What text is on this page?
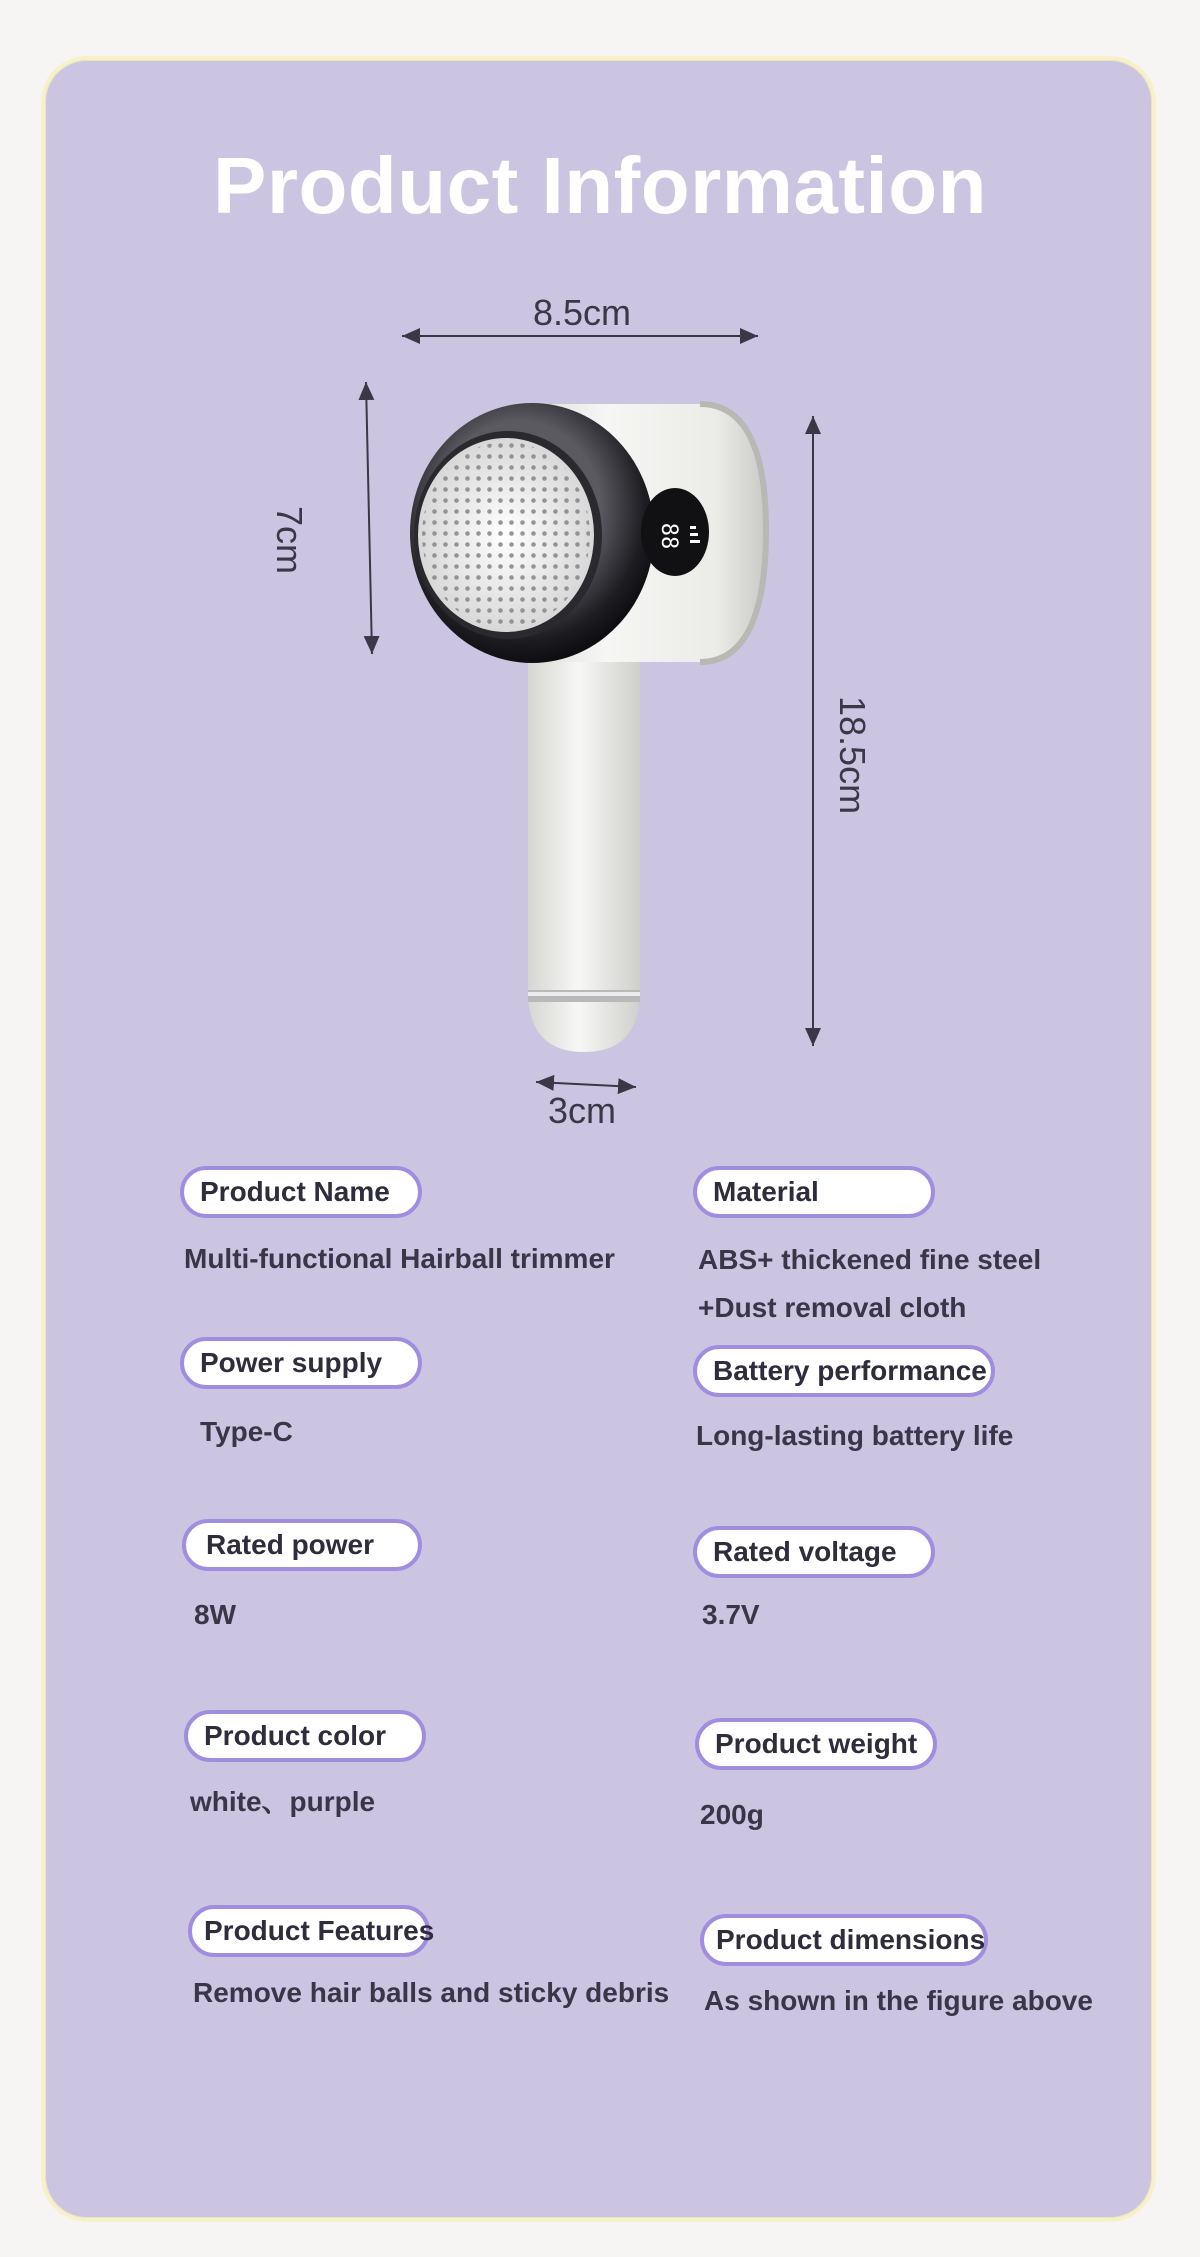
Product Information
88
8.5cm
7cm
18.5cm
3cm
Product Name
Multi-functional Hairball trimmer
Power supply
Type-C
Rated power
8W
Product color
white、purple
Product Features
Remove hair balls and sticky debris
Material
ABS+ thickened fine steel
+Dust removal cloth
Battery performance
Long-lasting battery life
Rated voltage
3.7V
Product weight
200g
Product dimensions
As shown in the figure above
